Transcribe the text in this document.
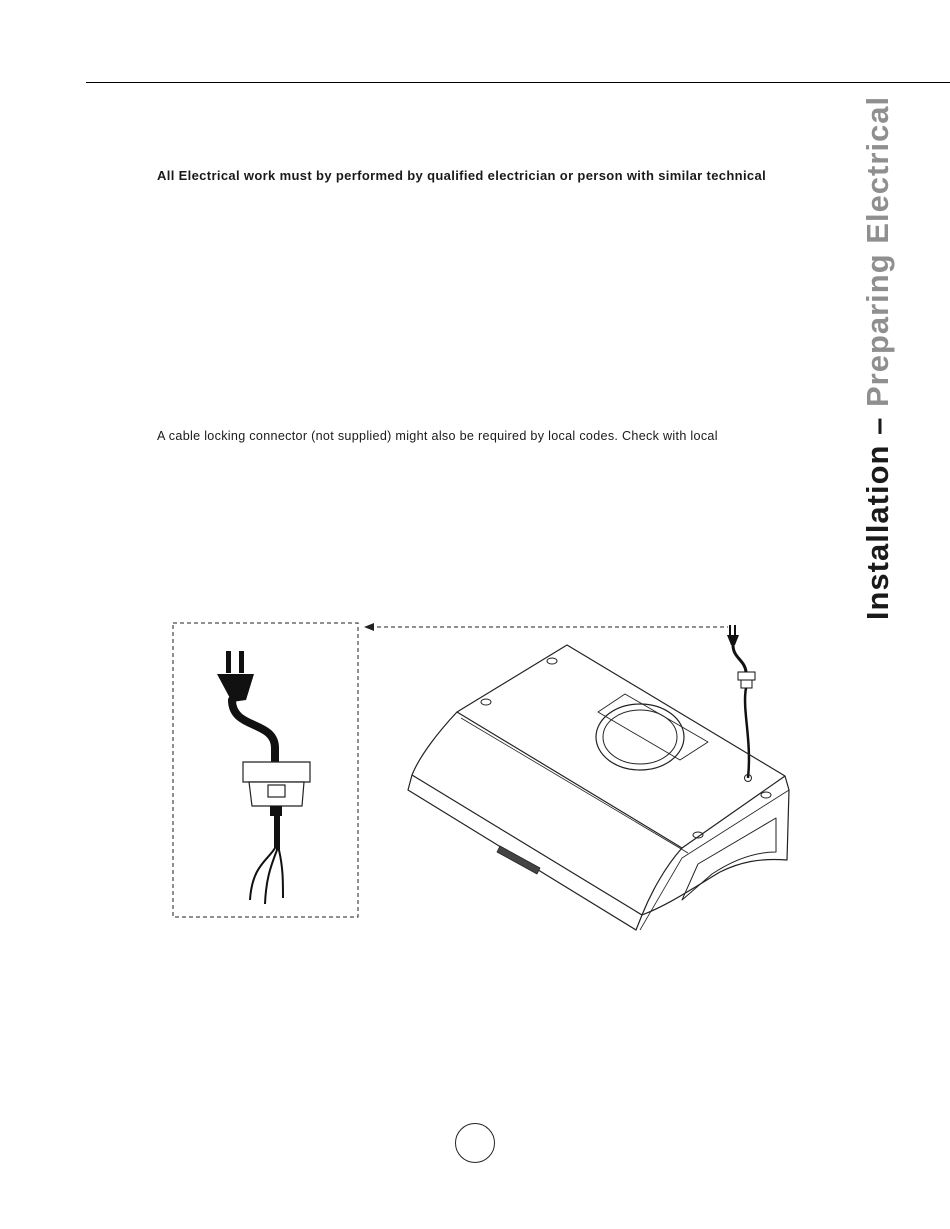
All Electrical work must by performed by qualified electrician or person with similar technical
A cable locking connector (not supplied) might also be required by local codes. Check with local	Installation – Preparing Electrical
